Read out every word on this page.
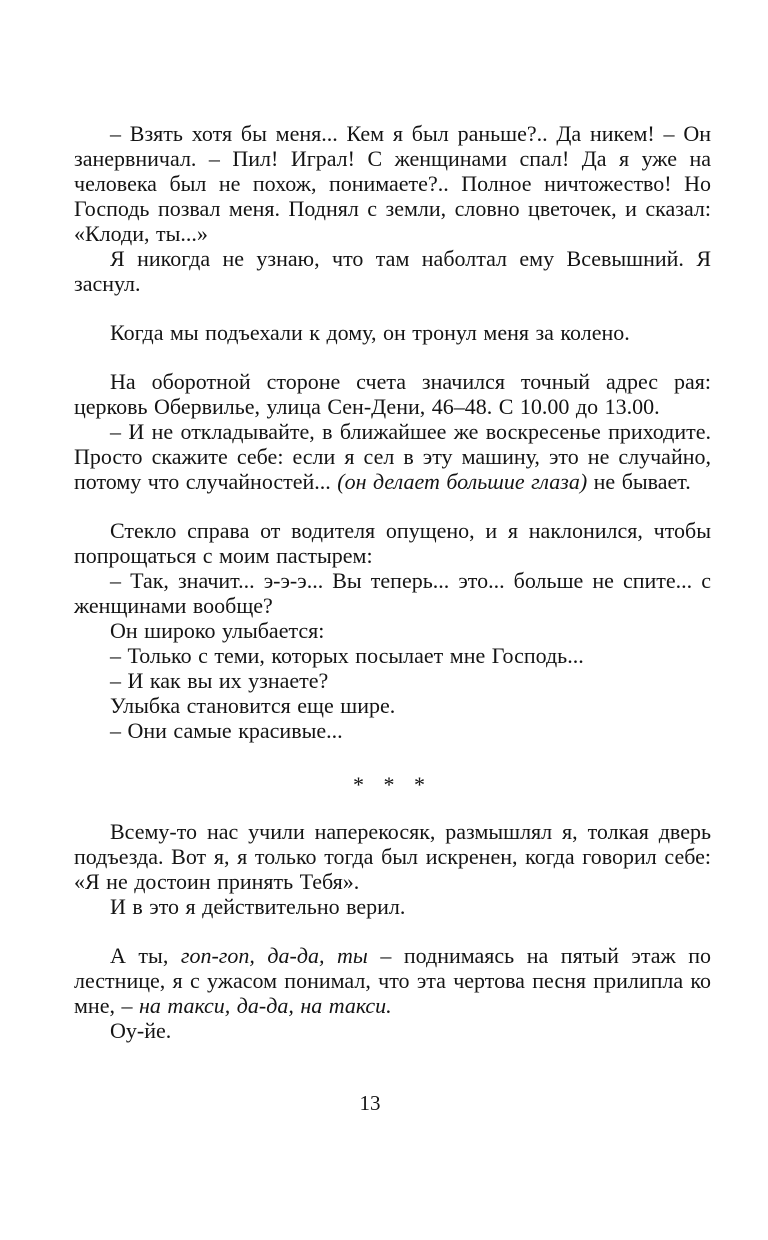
– Взять хотя бы меня... Кем я был раньше?.. Да никем! – Он занервничал. – Пил! Играл! С женщинами спал! Да я уже на человека был не похож, понимаете?.. Полное ничтожество! Но Господь позвал меня. Поднял с земли, словно цветочек, и сказал: «Клоди, ты...»

Я никогда не узнаю, что там наболтал ему Всевышний. Я заснул.

Когда мы подъехали к дому, он тронул меня за колено.

На оборотной стороне счета значился точный адрес рая: церковь Обервилье, улица Сен-Дени, 46–48. С 10.00 до 13.00.

– И не откладывайте, в ближайшее же воскресенье приходите. Просто скажите себе: если я сел в эту машину, это не случайно, потому что случайностей... (он делает большие глаза) не бывает.

Стекло справа от водителя опущено, и я наклонился, чтобы попрощаться с моим пастырем:

– Так, значит... э-э-э... Вы теперь... это... больше не спите... с женщинами вообще?

Он широко улыбается:

– Только с теми, которых посылает мне Господь...

– И как вы их узнаете?

Улыбка становится еще шире.

– Они самые красивые...

* * *

Всему-то нас учили наперекосяк, размышлял я, толкая дверь подъезда. Вот я, я только тогда был искренен, когда говорил себе: «Я не достоин принять Тебя».

И в это я действительно верил.

А ты, гоп-гоп, да-да, ты – поднимаясь на пятый этаж по лестнице, я с ужасом понимал, что эта чертова песня прилипла ко мне, – на такси, да-да, на такси.

Оу-йе.

13
